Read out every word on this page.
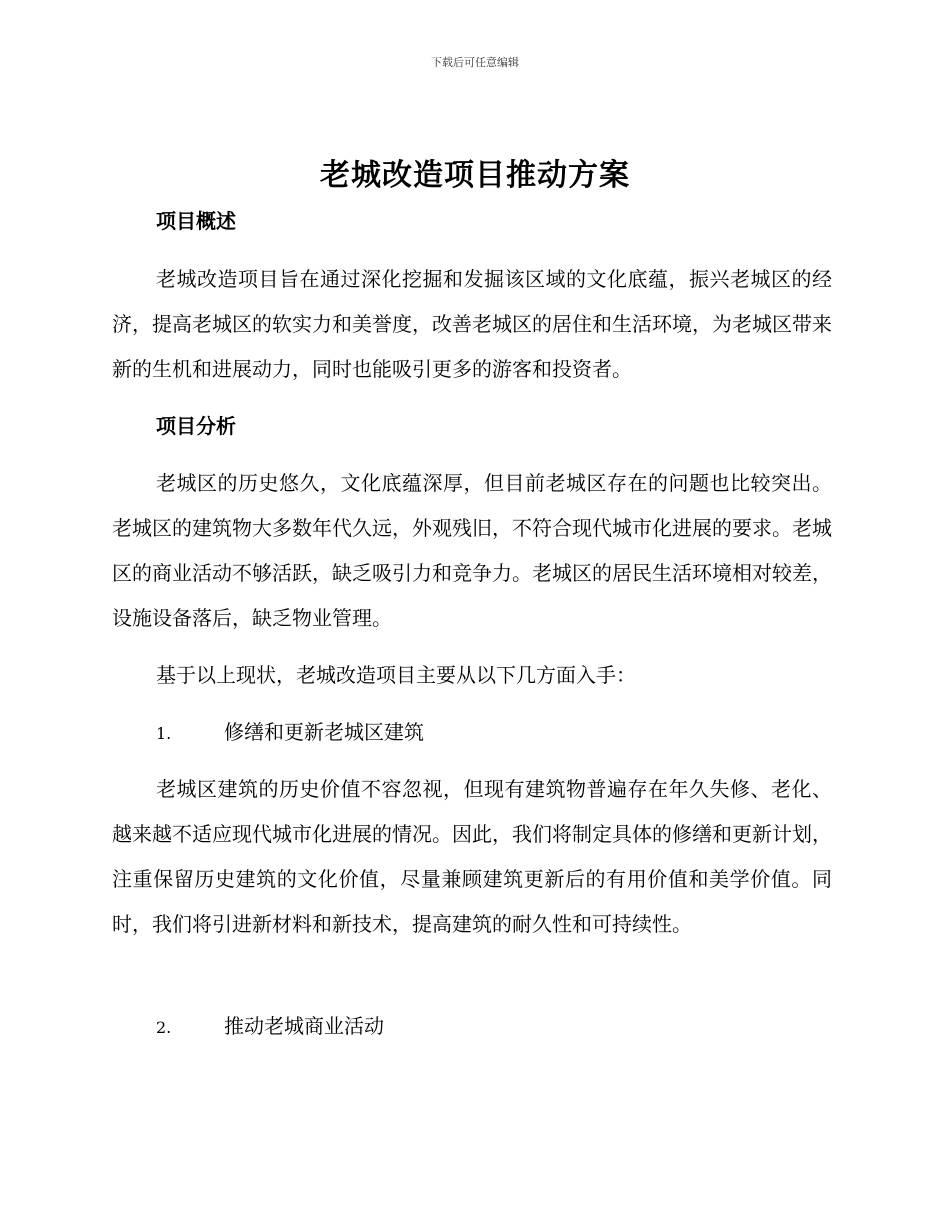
下载后可任意编辑
老城改造项目推动方案

项目概述

老城改造项目旨在通过深化挖掘和发掘该区域的文化底蕴，振兴老城区的经济，提高老城区的软实力和美誉度，改善老城区的居住和生活环境，为老城区带来新的生机和进展动力，同时也能吸引更多的游客和投资者。

项目分析

老城区的历史悠久，文化底蕴深厚，但目前老城区存在的问题也比较突出。老城区的建筑物大多数年代久远，外观残旧，不符合现代城市化进展的要求。老城区的商业活动不够活跃，缺乏吸引力和竞争力。老城区的居民生活环境相对较差，设施设备落后，缺乏物业管理。

基于以上现状，老城改造项目主要从以下几方面入手：

1.	修缮和更新老城区建筑

老城区建筑的历史价值不容忽视，但现有建筑物普遍存在年久失修、老化、越来越不适应现代城市化进展的情况。因此，我们将制定具体的修缮和更新计划，注重保留历史建筑的文化价值，尽量兼顾建筑更新后的有用价值和美学价值。同时，我们将引进新材料和新技术，提高建筑的耐久性和可持续性。

2.	推动老城商业活动
